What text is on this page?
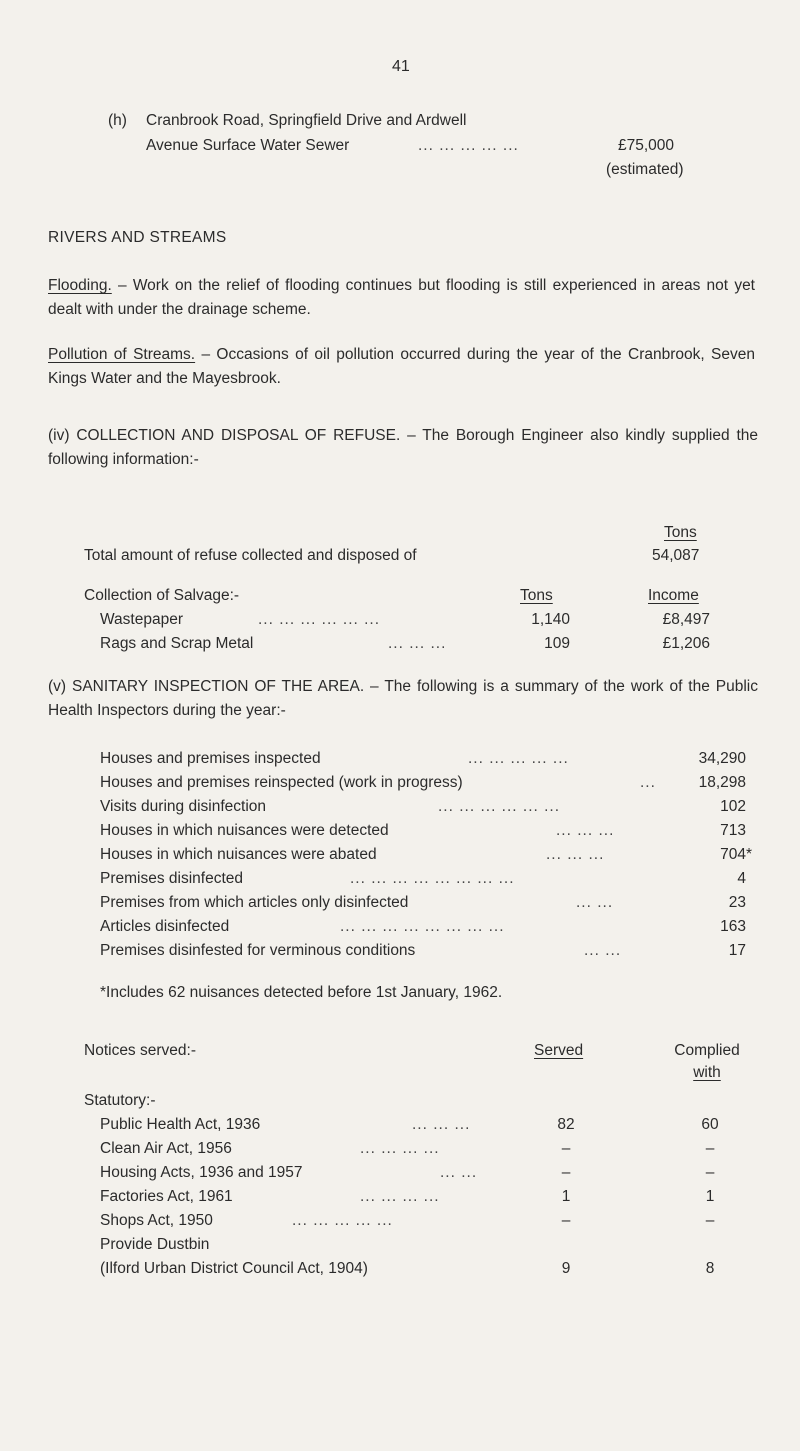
41
(h) Cranbrook Road, Springfield Drive and Ardwell
Avenue Surface Water Sewer	... ... ... ... ...	£75,000
(estimated)
RIVERS AND STREAMS

Flooding. – Work on the relief of flooding continues but flooding is still experienced in areas not yet dealt with under the drainage scheme.

Pollution of Streams. – Occasions of oil pollution occurred during the year of the Cranbrook, Seven Kings Water and the Mayesbrook.

(iv) COLLECTION AND DISPOSAL OF REFUSE. – The Borough Engineer also kindly supplied the following information:-

Tons
Total amount of refuse collected and disposed of	54,087
Collection of Salvage:-	Tons	Income
Wastepaper	... ... ... ... ... ...	1,140	£8,497
Rags and Scrap Metal	... ... ...	109	£1,206

(v) SANITARY INSPECTION OF THE AREA. – The following is a summary of the work of the Public Health Inspectors during the year:-

Houses and premises inspected	... ... ... ... ...	34,290
Houses and premises reinspected (work in progress)	...	18,298
Visits during disinfection	... ... ... ... ... ...	102
Houses in which nuisances were detected	... ... ...	713
Houses in which nuisances were abated	... ... ...	704*
Premises disinfected	... ... ... ... ... ... ... ...	4
Premises from which articles only disinfected	... ...	23
Articles disinfected	... ... ... ... ... ... ... ...	163
Premises disinfested for verminous conditions	... ...	17
*Includes 62 nuisances detected before 1st January, 1962.
Notices served:-	Served	Complied
with
Statutory:-
Public Health Act, 1936	... ... ...	82	60
Clean Air Act, 1956	... ... ... ...	–	–
Housing Acts, 1936 and 1957	... ...	–	–
Factories Act, 1961	... ... ... ...	1	1
Shops Act, 1950	... ... ... ... ...	–	–
Provide Dustbin
(Ilford Urban District Council Act, 1904)	9	8
